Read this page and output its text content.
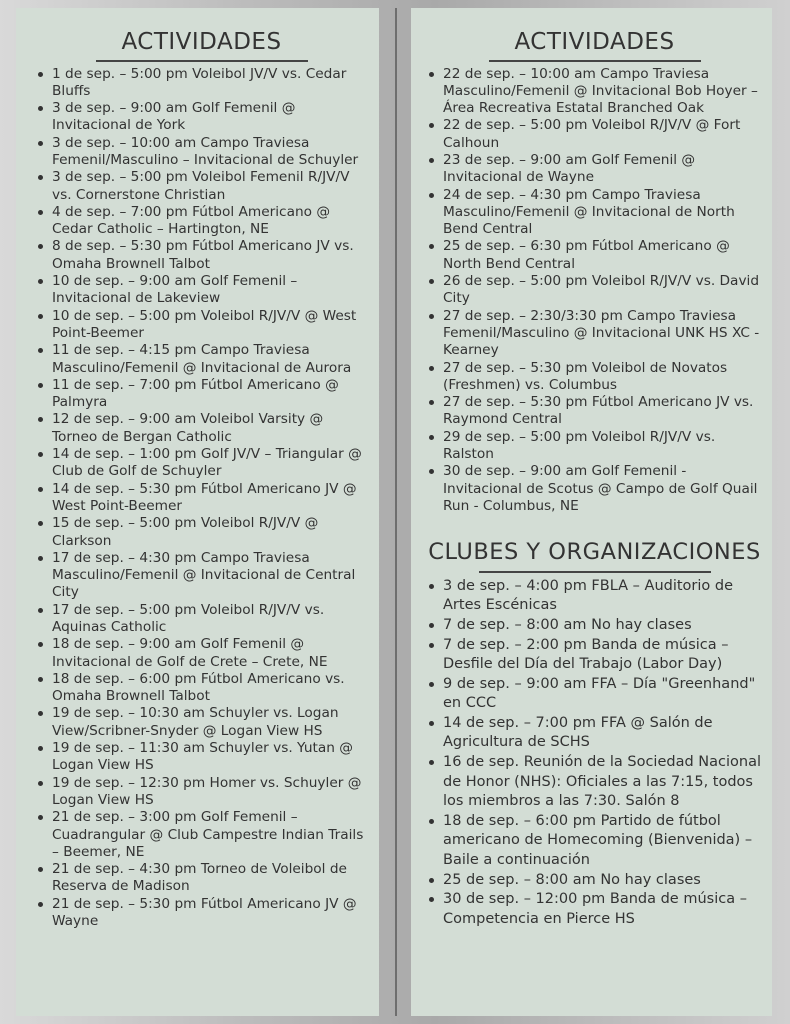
ACTIVIDADES
1 de sep. – 5:00 pm Voleibol JV/V vs. Cedar Bluffs
3 de sep. – 9:00 am Golf Femenil @ Invitacional de York
3 de sep. – 10:00 am Campo Traviesa Femenil/Masculino – Invitacional de Schuyler
3 de sep. – 5:00 pm Voleibol Femenil R/JV/V vs. Cornerstone Christian
4 de sep. – 7:00 pm Fútbol Americano @ Cedar Catholic – Hartington, NE
8 de sep. – 5:30 pm Fútbol Americano JV vs. Omaha Brownell Talbot
10 de sep. – 9:00 am Golf Femenil – Invitacional de Lakeview
10 de sep. – 5:00 pm Voleibol R/JV/V @ West Point-Beemer
11 de sep. – 4:15 pm Campo Traviesa Masculino/Femenil @ Invitacional de Aurora
11 de sep. – 7:00 pm Fútbol Americano @ Palmyra
12 de sep. – 9:00 am Voleibol Varsity @ Torneo de Bergan Catholic
14 de sep. – 1:00 pm Golf JV/V – Triangular @ Club de Golf de Schuyler
14 de sep. – 5:30 pm Fútbol Americano JV @ West Point-Beemer
15 de sep. – 5:00 pm Voleibol R/JV/V @ Clarkson
17 de sep. – 4:30 pm Campo Traviesa Masculino/Femenil @ Invitacional de Central City
17 de sep. – 5:00 pm Voleibol R/JV/V vs. Aquinas Catholic
18 de sep. – 9:00 am Golf Femenil @ Invitacional de Golf de Crete – Crete, NE
18 de sep. – 6:00 pm Fútbol Americano vs. Omaha Brownell Talbot
19 de sep. – 10:30 am Schuyler vs. Logan View/Scribner-Snyder @ Logan View HS
19 de sep. – 11:30 am Schuyler vs. Yutan @ Logan View HS
19 de sep. – 12:30 pm Homer vs. Schuyler @ Logan View HS
21 de sep. – 3:00 pm Golf Femenil – Cuadrangular @ Club Campestre Indian Trails – Beemer, NE
21 de sep. – 4:30 pm Torneo de Voleibol de Reserva de Madison
21 de sep. – 5:30 pm Fútbol Americano JV @ Wayne
ACTIVIDADES
22 de sep. – 10:00 am Campo Traviesa Masculino/Femenil @ Invitacional Bob Hoyer – Área Recreativa Estatal Branched Oak
22 de sep. – 5:00 pm Voleibol R/JV/V @ Fort Calhoun
23 de sep. – 9:00 am Golf Femenil @ Invitacional de Wayne
24 de sep. – 4:30 pm Campo Traviesa Masculino/Femenil @ Invitacional de North Bend Central
25 de sep. – 6:30 pm Fútbol Americano @ North Bend Central
26 de sep. – 5:00 pm Voleibol R/JV/V vs. David City
27 de sep. – 2:30/3:30 pm Campo Traviesa Femenil/Masculino @ Invitacional UNK HS XC - Kearney
27 de sep. – 5:30 pm Voleibol de Novatos (Freshmen) vs. Columbus
27 de sep. – 5:30 pm Fútbol Americano JV vs. Raymond Central
29 de sep. – 5:00 pm Voleibol R/JV/V vs. Ralston
30 de sep. – 9:00 am Golf Femenil - Invitacional de Scotus @ Campo de Golf Quail Run - Columbus, NE
CLUBES Y ORGANIZACIONES
3 de sep. – 4:00 pm FBLA – Auditorio de Artes Escénicas
7 de sep. – 8:00 am No hay clases
7 de sep. – 2:00 pm Banda de música – Desfile del Día del Trabajo (Labor Day)
9 de sep. – 9:00 am FFA – Día "Greenhand" en CCC
14 de sep. – 7:00 pm FFA @ Salón de Agricultura de SCHS
16 de sep. Reunión de la Sociedad Nacional de Honor (NHS): Oficiales a las 7:15, todos los miembros a las 7:30. Salón 8
18 de sep. – 6:00 pm Partido de fútbol americano de Homecoming (Bienvenida) – Baile a continuación
25 de sep. – 8:00 am No hay clases
30 de sep. – 12:00 pm Banda de música – Competencia en Pierce HS
